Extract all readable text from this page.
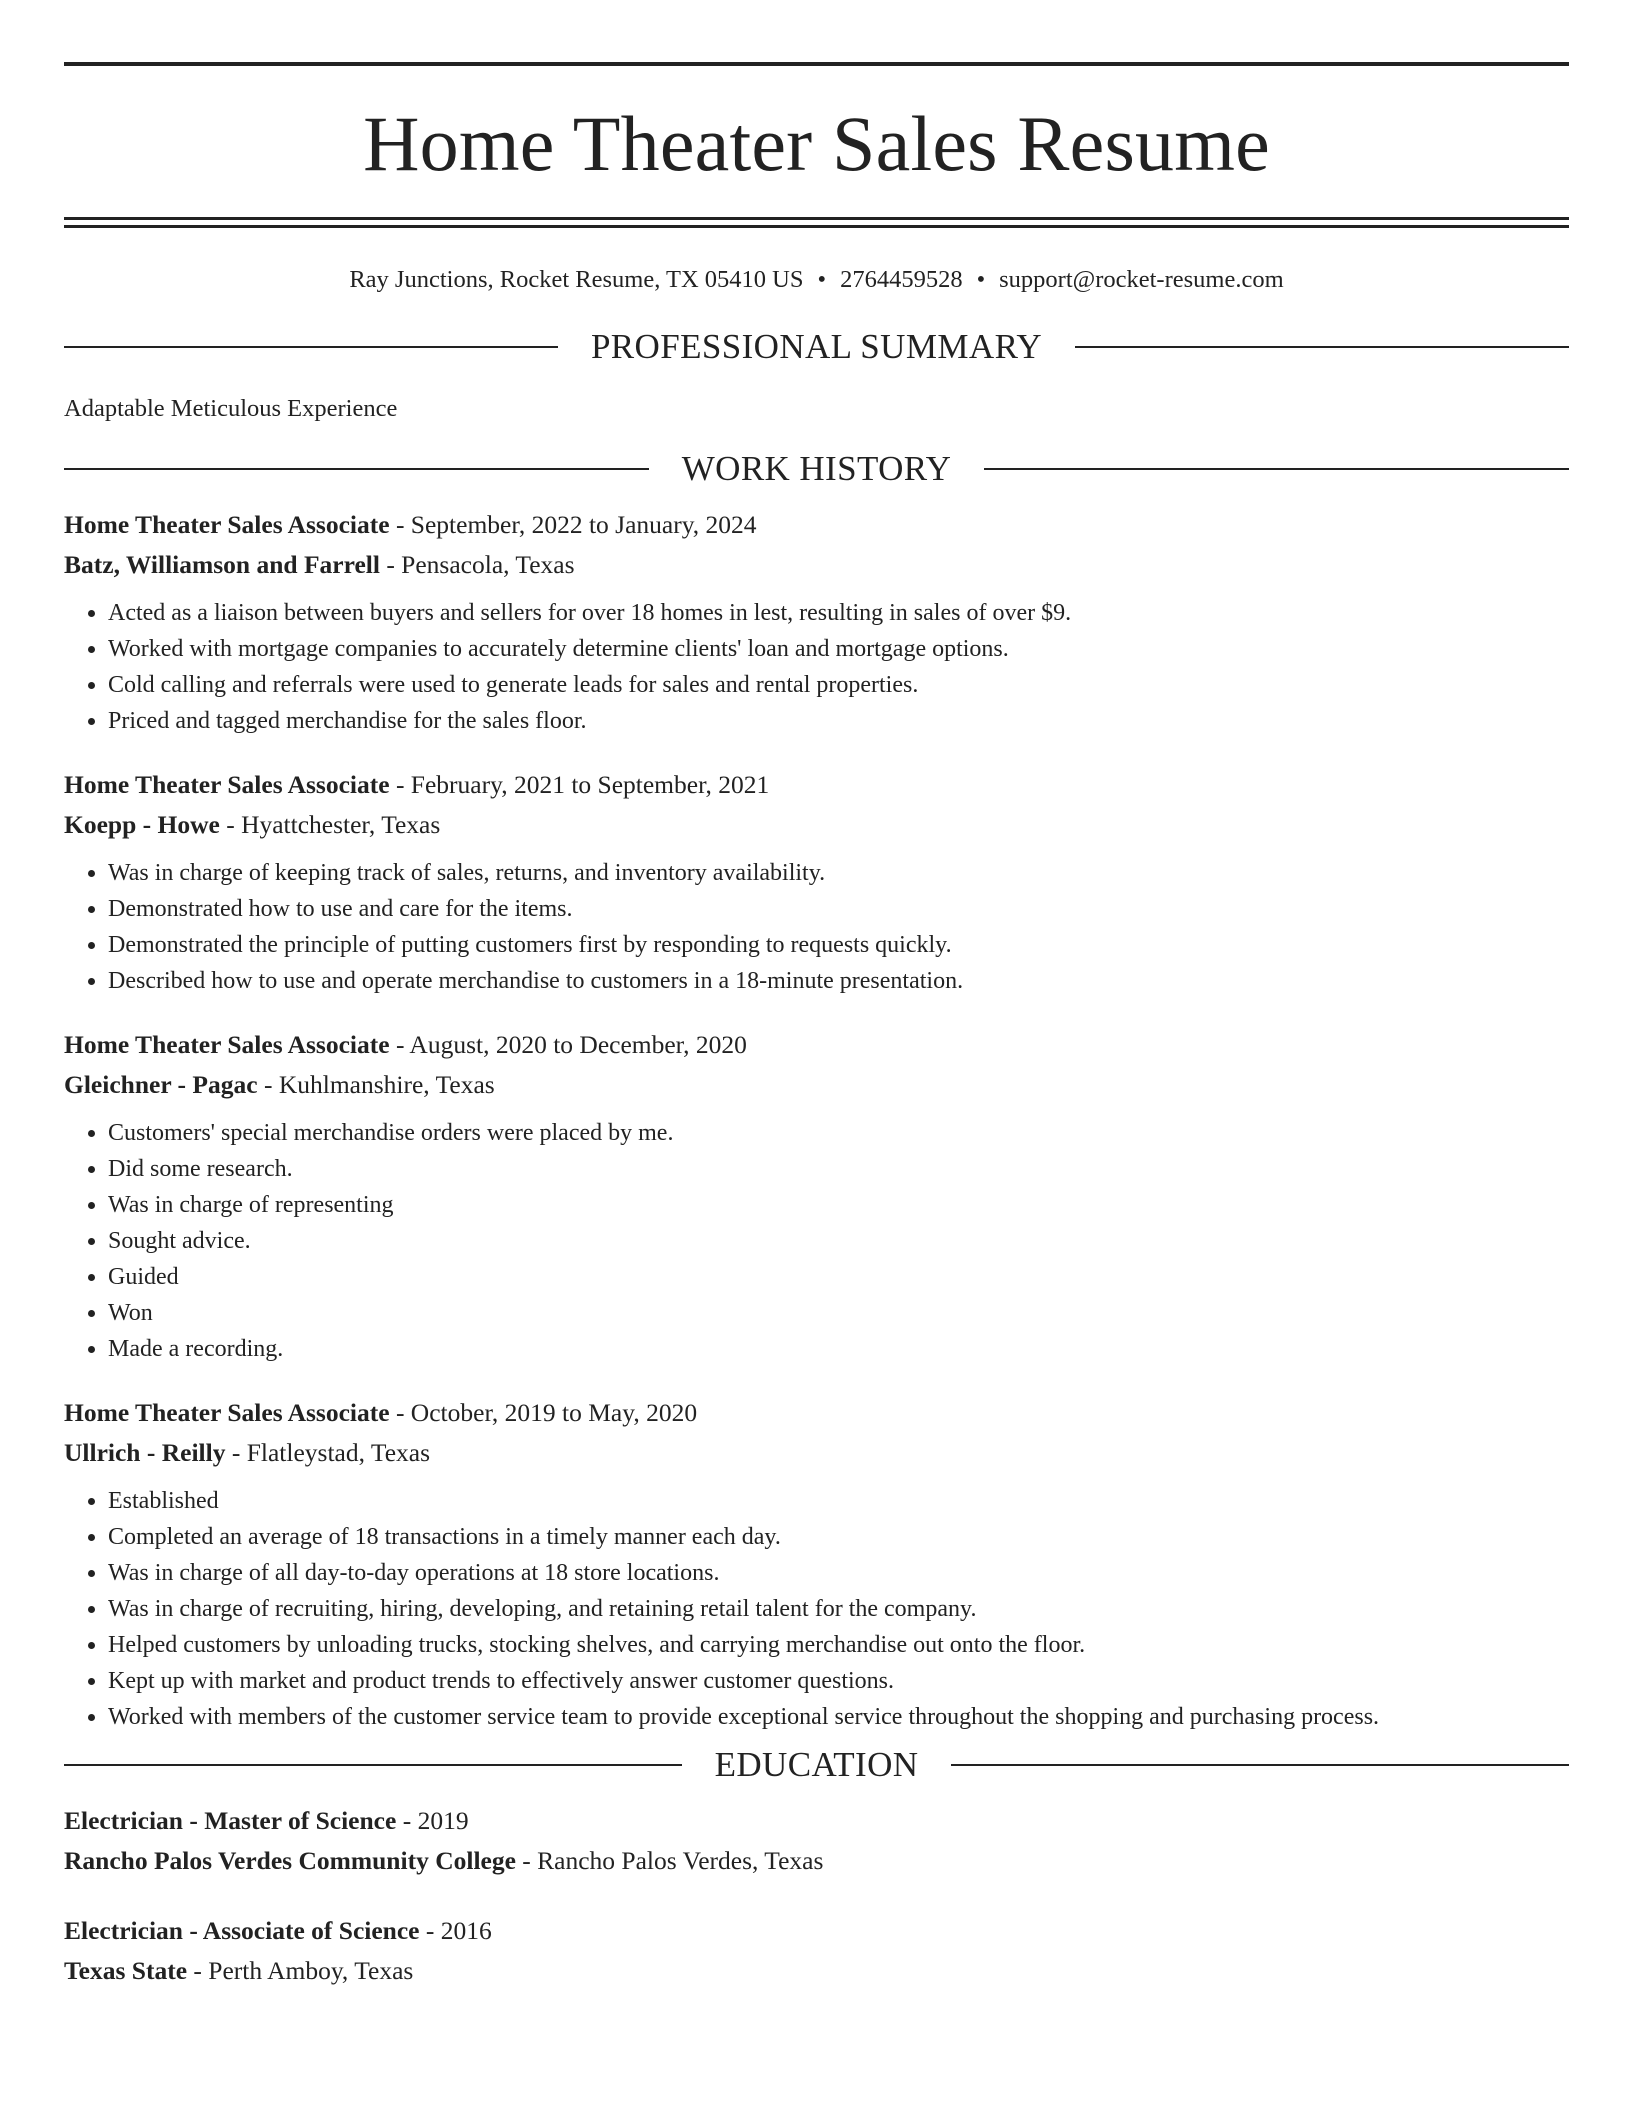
Home Theater Sales Resume
Ray Junctions, Rocket Resume, TX 05410 US • 2764459528 • support@rocket-resume.com
PROFESSIONAL SUMMARY
Adaptable Meticulous Experience
WORK HISTORY
Home Theater Sales Associate - September, 2022 to January, 2024
Batz, Williamson and Farrell - Pensacola, Texas
• Acted as a liaison between buyers and sellers for over 18 homes in lest, resulting in sales of over $9.
• Worked with mortgage companies to accurately determine clients' loan and mortgage options.
• Cold calling and referrals were used to generate leads for sales and rental properties.
• Priced and tagged merchandise for the sales floor.
Home Theater Sales Associate - February, 2021 to September, 2021
Koepp - Howe - Hyattchester, Texas
• Was in charge of keeping track of sales, returns, and inventory availability.
• Demonstrated how to use and care for the items.
• Demonstrated the principle of putting customers first by responding to requests quickly.
• Described how to use and operate merchandise to customers in a 18-minute presentation.
Home Theater Sales Associate - August, 2020 to December, 2020
Gleichner - Pagac - Kuhlmanshire, Texas
• Customers' special merchandise orders were placed by me.
• Did some research.
• Was in charge of representing
• Sought advice.
• Guided
• Won
• Made a recording.
Home Theater Sales Associate - October, 2019 to May, 2020
Ullrich - Reilly - Flatleystad, Texas
• Established
• Completed an average of 18 transactions in a timely manner each day.
• Was in charge of all day-to-day operations at 18 store locations.
• Was in charge of recruiting, hiring, developing, and retaining retail talent for the company.
• Helped customers by unloading trucks, stocking shelves, and carrying merchandise out onto the floor.
• Kept up with market and product trends to effectively answer customer questions.
• Worked with members of the customer service team to provide exceptional service throughout the shopping and purchasing process.
EDUCATION
Electrician - Master of Science - 2019
Rancho Palos Verdes Community College - Rancho Palos Verdes, Texas
Electrician - Associate of Science - 2016
Texas State - Perth Amboy, Texas
